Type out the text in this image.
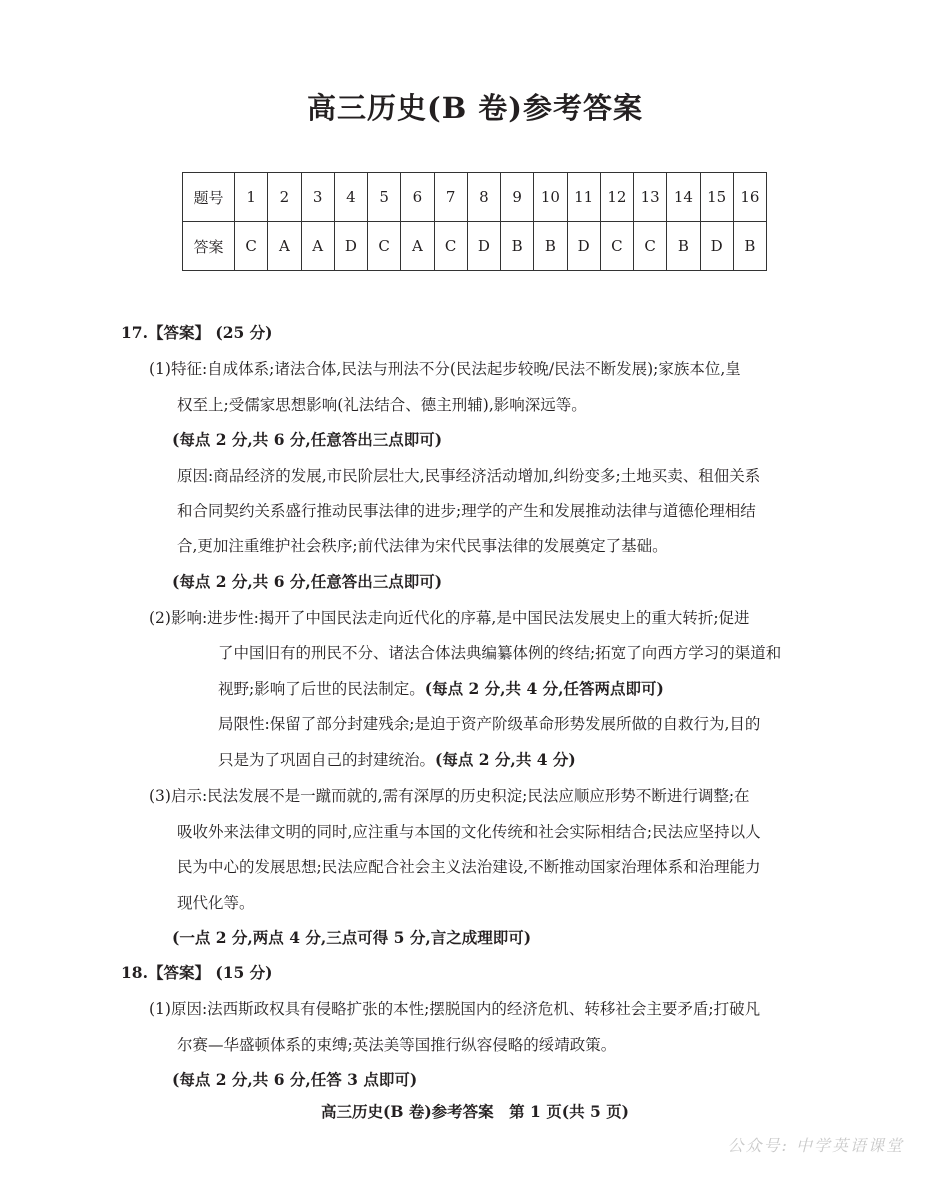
高三历史(B 卷)参考答案
题号	1	2	3	4	5	6	7	8	9	10	11	12	13	14	15	16
答案	C	A	A	D	C	A	C	D	B	B	D	C	C	B	D	B
17.【答案】 (25 分)
(1)特征:自成体系;诸法合体,民法与刑法不分(民法起步较晚/民法不断发展);家族本位,皇
权至上;受儒家思想影响(礼法结合、德主刑辅),影响深远等。
(每点 2 分,共 6 分,任意答出三点即可)
原因:商品经济的发展,市民阶层壮大,民事经济活动增加,纠纷变多;土地买卖、租佃关系
和合同契约关系盛行推动民事法律的进步;理学的产生和发展推动法律与道德伦理相结
合,更加注重维护社会秩序;前代法律为宋代民事法律的发展奠定了基础。
(每点 2 分,共 6 分,任意答出三点即可)
(2)影响:进步性:揭开了中国民法走向近代化的序幕,是中国民法发展史上的重大转折;促进
了中国旧有的刑民不分、诸法合体法典编纂体例的终结;拓宽了向西方学习的渠道和
视野;影响了后世的民法制定。(每点 2 分,共 4 分,任答两点即可)
局限性:保留了部分封建残余;是迫于资产阶级革命形势发展所做的自救行为,目的
只是为了巩固自己的封建统治。(每点 2 分,共 4 分)
(3)启示:民法发展不是一蹴而就的,需有深厚的历史积淀;民法应顺应形势不断进行调整;在
吸收外来法律文明的同时,应注重与本国的文化传统和社会实际相结合;民法应坚持以人
民为中心的发展思想;民法应配合社会主义法治建设,不断推动国家治理体系和治理能力
现代化等。
(一点 2 分,两点 4 分,三点可得 5 分,言之成理即可)
18.【答案】 (15 分)
(1)原因:法西斯政权具有侵略扩张的本性;摆脱国内的经济危机、转移社会主要矛盾;打破凡
尔赛—华盛顿体系的束缚;英法美等国推行纵容侵略的绥靖政策。
(每点 2 分,共 6 分,任答 3 点即可)
高三历史(B 卷)参考答案　第 1 页(共 5 页)
公众号: 中学英语课堂
